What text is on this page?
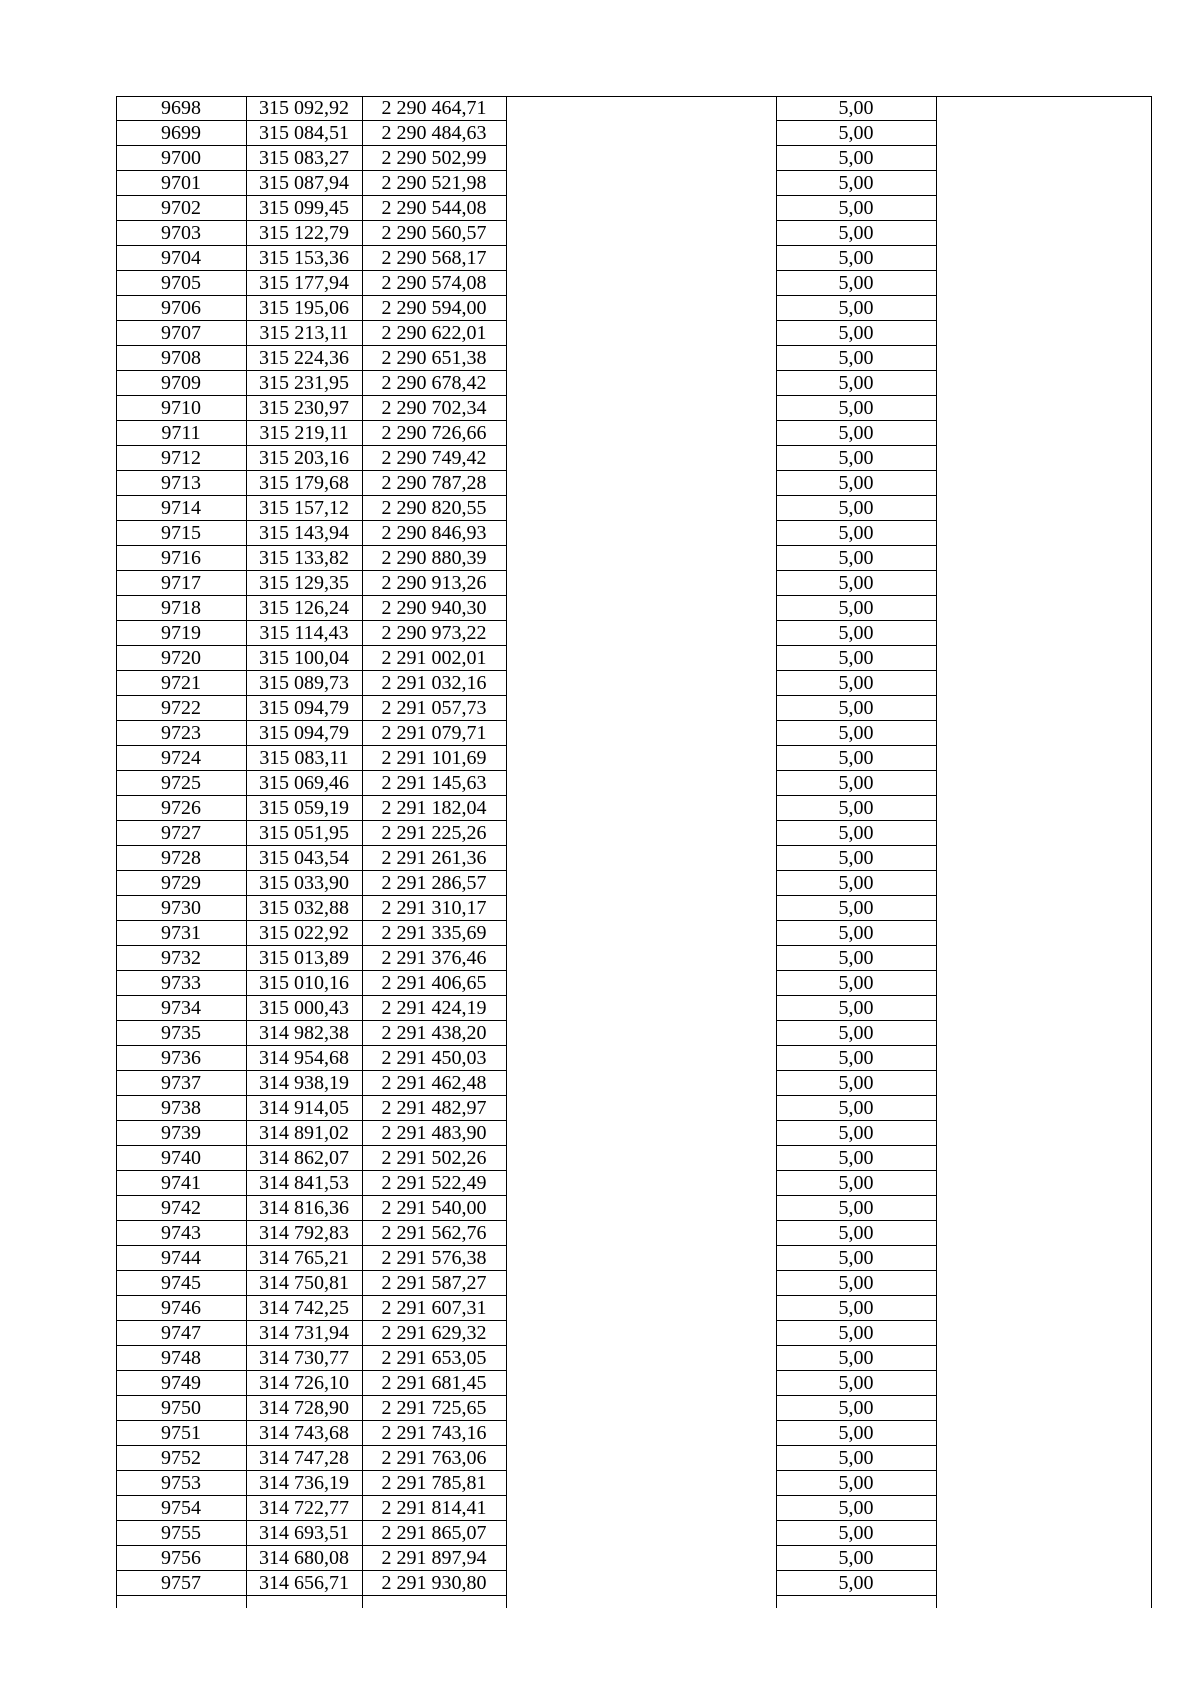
9698	315 092,92	2 290 464,71	5,00
9699	315 084,51	2 290 484,63	5,00
9700	315 083,27	2 290 502,99	5,00
9701	315 087,94	2 290 521,98	5,00
9702	315 099,45	2 290 544,08	5,00
9703	315 122,79	2 290 560,57	5,00
9704	315 153,36	2 290 568,17	5,00
9705	315 177,94	2 290 574,08	5,00
9706	315 195,06	2 290 594,00	5,00
9707	315 213,11	2 290 622,01	5,00
9708	315 224,36	2 290 651,38	5,00
9709	315 231,95	2 290 678,42	5,00
9710	315 230,97	2 290 702,34	5,00
9711	315 219,11	2 290 726,66	5,00
9712	315 203,16	2 290 749,42	5,00
9713	315 179,68	2 290 787,28	5,00
9714	315 157,12	2 290 820,55	5,00
9715	315 143,94	2 290 846,93	5,00
9716	315 133,82	2 290 880,39	5,00
9717	315 129,35	2 290 913,26	5,00
9718	315 126,24	2 290 940,30	5,00
9719	315 114,43	2 290 973,22	5,00
9720	315 100,04	2 291 002,01	5,00
9721	315 089,73	2 291 032,16	5,00
9722	315 094,79	2 291 057,73	5,00
9723	315 094,79	2 291 079,71	5,00
9724	315 083,11	2 291 101,69	5,00
9725	315 069,46	2 291 145,63	5,00
9726	315 059,19	2 291 182,04	5,00
9727	315 051,95	2 291 225,26	5,00
9728	315 043,54	2 291 261,36	5,00
9729	315 033,90	2 291 286,57	5,00
9730	315 032,88	2 291 310,17	5,00
9731	315 022,92	2 291 335,69	5,00
9732	315 013,89	2 291 376,46	5,00
9733	315 010,16	2 291 406,65	5,00
9734	315 000,43	2 291 424,19	5,00
9735	314 982,38	2 291 438,20	5,00
9736	314 954,68	2 291 450,03	5,00
9737	314 938,19	2 291 462,48	5,00
9738	314 914,05	2 291 482,97	5,00
9739	314 891,02	2 291 483,90	5,00
9740	314 862,07	2 291 502,26	5,00
9741	314 841,53	2 291 522,49	5,00
9742	314 816,36	2 291 540,00	5,00
9743	314 792,83	2 291 562,76	5,00
9744	314 765,21	2 291 576,38	5,00
9745	314 750,81	2 291 587,27	5,00
9746	314 742,25	2 291 607,31	5,00
9747	314 731,94	2 291 629,32	5,00
9748	314 730,77	2 291 653,05	5,00
9749	314 726,10	2 291 681,45	5,00
9750	314 728,90	2 291 725,65	5,00
9751	314 743,68	2 291 743,16	5,00
9752	314 747,28	2 291 763,06	5,00
9753	314 736,19	2 291 785,81	5,00
9754	314 722,77	2 291 814,41	5,00
9755	314 693,51	2 291 865,07	5,00
9756	314 680,08	2 291 897,94	5,00
9757	314 656,71	2 291 930,80	5,00
